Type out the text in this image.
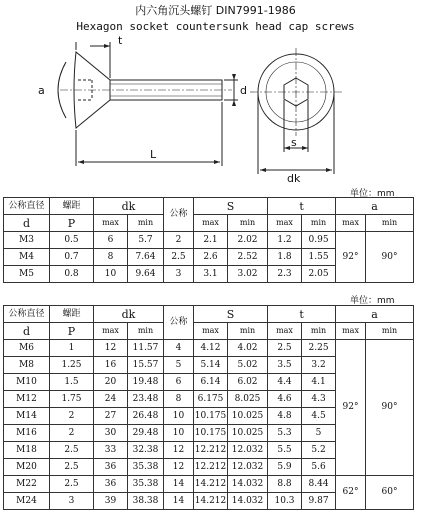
内六角沉头螺钉 DIN7991-1986
Hexagon socket countersunk head cap screws
t
a	d
L
s
dk
单位：mm
公称直径	螺距	dk		公称	S		t		a	
d	P	max	min		max	min	max	min	max	min
M3	0.5	6	5.7	2	2.1	2.02	1.2	0.95	92°	90°
M4	0.7	8	7.64	2.5	2.6	2.52	1.8	1.55		
M5	0.8	10	9.64	3	3.1	3.02	2.3	2.05		
单位：mm
公称直径	螺距	dk		公称	S		t		a	
d	P	max	min		max	min	max	min	max	min
M6	1	12	11.57	4	4.12	4.02	2.5	2.25	92°	90°
M8	1.25	16	15.57	5	5.14	5.02	3.5	3.2		
M10	1.5	20	19.48	6	6.14	6.02	4.4	4.1		
M12	1.75	24	23.48	8	6.175	8.025	4.6	4.3		
M14	2	27	26.48	10	10.175	10.025	4.8	4.5		
M16	2	30	29.48	10	10.175	10.025	5.3	5		
M18	2.5	33	32.38	12	12.212	12.032	5.5	5.2		
M20	2.5	36	35.38	12	12.212	12.032	5.9	5.6		
M22	2.5	36	35.38	14	14.212	14.032	8.8	8.44	62°	60°
M24	3	39	38.38	14	14.212	14.032	10.3	9.87		
